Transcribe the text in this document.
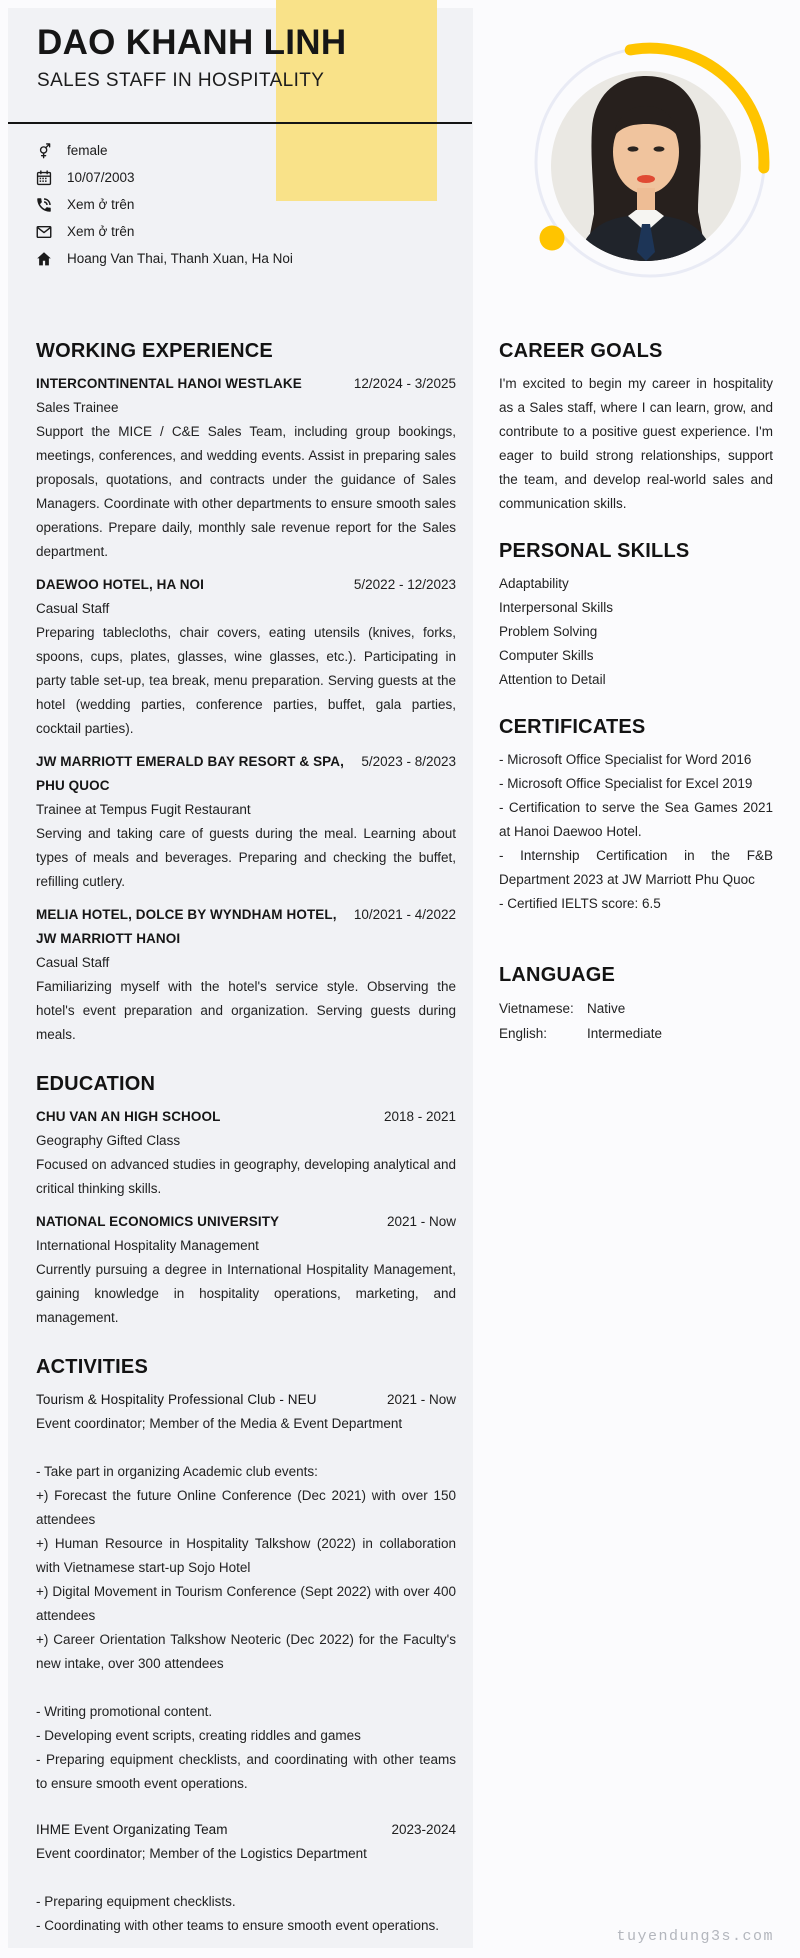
DAO KHANH LINH
SALES STAFF IN HOSPITALITY
female
10/07/2003
Xem ở trên
Xem ở trên
Hoang Van Thai, Thanh Xuan, Ha Noi
WORKING EXPERIENCE
INTERCONTINENTAL HANOI WESTLAKE	12/2024 - 3/2025
Sales Trainee
Support the MICE / C&E Sales Team, including group bookings, meetings, conferences, and wedding events. Assist in preparing sales proposals, quotations, and contracts under the guidance of Sales Managers. Coordinate with other departments to ensure smooth sales operations. Prepare daily, monthly sale revenue report for the Sales department.
DAEWOO HOTEL, HA NOI	5/2022 - 12/2023
Casual Staff
Preparing tablecloths, chair covers, eating utensils (knives, forks, spoons, cups, plates, glasses, wine glasses, etc.). Participating in party table set-up, tea break, menu preparation. Serving guests at the hotel (wedding parties, conference parties, buffet, gala parties, cocktail parties).
JW MARRIOTT EMERALD BAY RESORT & SPA, PHU QUOC
5/2023 - 8/2023
Trainee at Tempus Fugit Restaurant
Serving and taking care of guests during the meal. Learning about types of meals and beverages. Preparing and checking the buffet, refilling cutlery.
MELIA HOTEL, DOLCE BY WYNDHAM HOTEL, JW MARRIOTT HANOI
10/2021 - 4/2022
Casual Staff
Familiarizing myself with the hotel's service style. Observing the hotel's event preparation and organization. Serving guests during meals.
EDUCATION
CHU VAN AN HIGH SCHOOL	2018 - 2021
Geography Gifted Class
Focused on advanced studies in geography, developing analytical and critical thinking skills.
NATIONAL ECONOMICS UNIVERSITY	2021 - Now
International Hospitality Management
Currently pursuing a degree in International Hospitality Management, gaining knowledge in hospitality operations, marketing, and management.
ACTIVITIES
Tourism & Hospitality Professional Club - NEU	2021 - Now
Event coordinator; Member of the Media & Event Department
- Take part in organizing Academic club events:
+) Forecast the future Online Conference (Dec 2021) with over 150 attendees
+) Human Resource in Hospitality Talkshow (2022) in collaboration with Vietnamese start-up Sojo Hotel
+) Digital Movement in Tourism Conference (Sept 2022) with over 400 attendees
+) Career Orientation Talkshow Neoteric (Dec 2022) for the Faculty's new intake, over 300 attendees
- Writing promotional content.
- Developing event scripts, creating riddles and games
- Preparing equipment checklists, and coordinating with other teams to ensure smooth event operations.
IHME Event Organizating Team	2023-2024
Event coordinator; Member of the Logistics Department
- Preparing equipment checklists.
- Coordinating with other teams to ensure smooth event operations.
CAREER GOALS

I'm excited to begin my career in hospitality as a Sales staff, where I can learn, grow, and contribute to a positive guest experience. I'm eager to build strong relationships, support the team, and develop real-world sales and communication skills.

PERSONAL SKILLS
Adaptability
Interpersonal Skills
Problem Solving
Computer Skills
Attention to Detail
CERTIFICATES
- Microsoft Office Specialist for Word 2016
- Microsoft Office Specialist for Excel 2019
- Certification to serve the Sea Games 2021 at Hanoi Daewoo Hotel.
- Internship Certification in the F&B Department 2023 at JW Marriott Phu Quoc
- Certified IELTS score: 6.5
LANGUAGE
Vietnamese: Native
English:	Intermediate
tuyendung3s.com
